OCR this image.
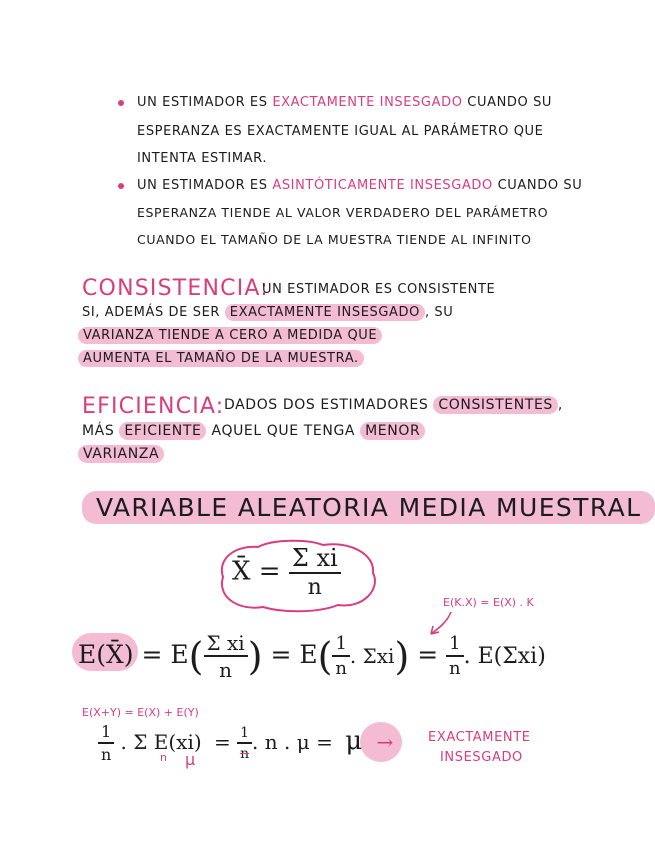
UN ESTIMADOR ES EXACTAMENTE INSESGADO CUANDO SU
ESPERANZA ES EXACTAMENTE IGUAL AL PARÁMETRO QUE
INTENTA ESTIMAR.
UN ESTIMADOR ES ASINTÓTICAMENTE INSESGADO CUANDO SU
ESPERANZA TIENDE AL VALOR VERDADERO DEL PARÁMETRO
CUANDO EL TAMAÑO DE LA MUESTRA TIENDE AL INFINITO
CONSISTENCIA:
UN ESTIMADOR ES CONSISTENTE
SI, ADEMÁS DE SER EXACTAMENTE INSESGADO , SU
VARIANZA TIENDE A CERO A MEDIDA QUE
AUMENTA EL TAMAÑO DE LA MUESTRA.
EFICIENCIA: DADOS DOS ESTIMADORES CONSISTENTES ,
MÁS EFICIENTE AQUEL QUE TENGA MENOR
VARIANZA
VARIABLE ALEATORIA MEDIA MUESTRAL
X̄ = $\frac{\text{Σ xi}}{n}$
E(K.X) = E(X) . K
E(X̄) = $E( \frac{\text{Σ xi}}{n}$ ) = $E( \frac{1}{n}$ . $\Sigma xi) = \frac{1}{n}$ . E(Σxi)
E(X+Y) = E(X) + E(Y)
$\frac{1}{n}$ . Σ $E(xi) = \frac{1}{n}$ . n . μ = μ →
n μ
EXACTAMENTE
INSESGADO
